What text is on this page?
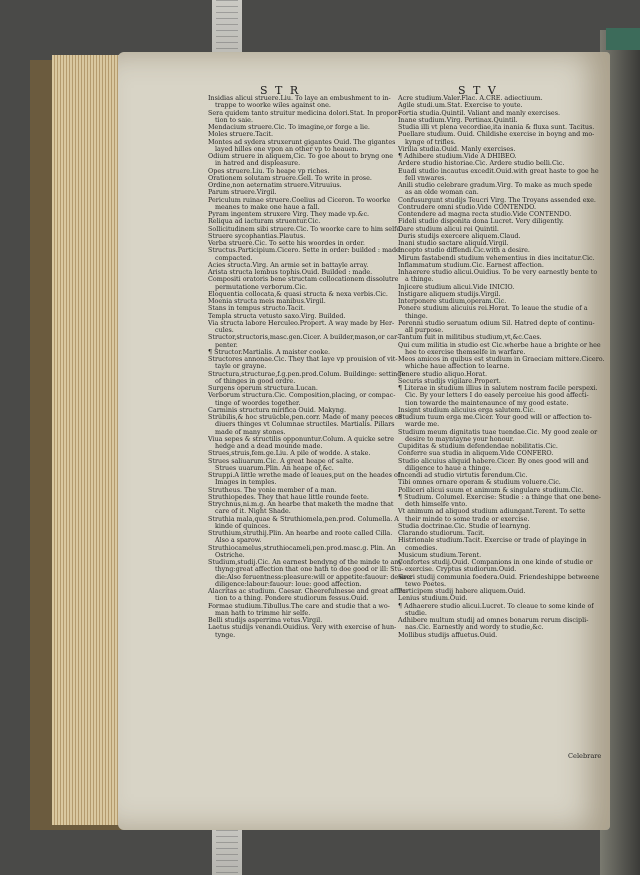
S T R	S T V
Insidias alicui struere.Liu. To laye an embushment to in-
trappe to woorke wiles against one.
Sera quidem tanto struitur medicina dolori.Stat. In propor-
tion to saie.
Mendacium struere.Cic. To imagine,or forge a lie.
Moles struere.Tacit.
Montes ad sydera struxerunt gigantes Ouid. The gigantes
layed hilles one vpon an other vp to heauen.
Odium struere in aliquem,Cic. To goe about to bryng one
in hatred and displeasure.
Opes struere.Liu. To heape vp riches.
Orationem solutam struere.Gell. To write in prose.
Ordine,non aeternatim struere.Vitruuius.
Parum struere.Virgil.
Periculum ruinae struere.Coelius ad Ciceron. To woorke
meanes to make one haue a fall.
Pyram ingentem struxere Virg. They made vp.&c.
Reliqua ad iacturam struentur.Cic.
Sollicitudinem sibi struere.Cic. To woorke care to him selfe.
Struere sycophantias.Plautus.
Verba struere.Cic. To sette his woordes in order.
Structus.Participium.Cicero. Sette in order: builded : made:
compacted.
Acies structa.Virg. An armie set in battayle array.
Arista structa lembus tophis.Ouid. Builded : made.
Compositi oratoris bene structam collocationem dissolutre
permutatione verborum.Cic.
Eloquentia collocata,& quasi structa & nexa verbis.Cic.
Moenia structa meis manibus.Virgil.
Stans in tempus structo.Tacit.
Templa structa vetusto saxo.Virg. Builded.
Via structa labore Herculeo.Propert. A way made by Her-
cules.
Structor,structoris,masc.gen.Cicer. A builder,mason,or car-
penter.
¶ Structor.Martialis. A maister cooke.
Structores annonae.Cic. They that laye vp prouision of vit-
tayle or grayne.
Structura,structurae,f.g.pen.prod.Colum. Buildinge: settinge
of thinges in good ordre.
Surgens operum structura.Lucan.
Verborum structura.Cic. Composition,placing, or compac-
tinge of woordes together.
Carminis structura mirifica Ouid. Makyng.
Strûbilis,& hoc struûcble,pen.corr. Made of many peeces or
diuers thinges vt Columnae structiles. Martialis. Pillars
made of many stones.
Viua sepes & structilis opponuntur.Colum. A quicke setre
hedge and a dead mounde made.
Strues,struis,fem.ge.Liu. A pile of wodde. A stake.
Strues saliuarum.Cic. A great heape of salte.
Strues uuarum.Plin. An heape of,&c.
Struppi.A little wrethe made of leaues,put on the heades of
Images in temples.
Strutheus. The yonie member of a man.
Struthiopedes. They that haue little rounde feete.
Strychnus,ni.m.g. An hearbe that maketh the madne that
care of it. Night Shade.
Struthia mala,quae & Struthiomela,pen.prod. Columella. A
kinde of quinces.
Struthium,struthij.Plin. An hearbe and roote called Cilla.
Also a sparow.
Struthiocamelus,struthiocameli,pen.prod.masc.g. Plin. An
Ostriche.
Studium,studij.Cic. An earnest bendyng of the minde to any
thyng:great affection that one hath to doe good or ill: Stu-
die:Also feruentness:pleasure:will or appetite:fauour: desire:
diligence:labour:fauour: loue: good affection.
Alacritas ac studium. Caesar. Cheerefulnesse and great affec-
tion to a thing. Pondere studiorum fessus.Ouid.
Formae studium.Tibullus.The care and studie that a wo-
man hath to trimme hir selfe.
Belli studijs asperrima vetus.Virgil.
Laetus studijs venandi.Ouidius. Very with exercise of hun-
tynge.
Acre studium.Valer.Flac. A.CRE. adiectiuum.
Agile studi.um.Stat. Exercise to youte.
Fortia studia.Quintil. Valiant and manly exercises.
Inane studium.Virg. Pertinax.Quintil.
Studia illi vt plena vecordiae,ita inania & fluxa sunt. Tacitus.
Puellare studium. Ouid. Childishe exercise in boyng and mo-
kynge of trifles.
Virilia studia.Ouid. Manly exercises.
¶ Adhibere studium.Vide A DHIBEO.
Ardere studio historiae.Cic. Ardere studio belli.Cic.
Euadi studio incautus excedit.Ouid.with great haste to goe he
fell vnwares.
Anili studio celebrare gradum.Virg. To make as much spede
as an olde woman can.
Confusurgunt studijs Teucri Virg. The Troyans assended exe.
Contrudere omni studio.Vide CONTENDO.
Contendere ad magna recta studio.Vide CONTENDO.
Fideli studio disponita dona Lucret. Very diligently.
Dare studium alicui rei Quintil.
Duris studijs exercere aliquem.Claud.
Inani studio sactare aliquid.Virgil.
Incepto studio diffendi.Cic.with a desire.
Mirum fastabendi studium vehementius in dies incitatur.Cic.
Inflammatum studium.Cic. Earnest affection.
Inhaerere studio alicui.Ouidius. To be very earnestly bente to
a thinge.
Injicere studium alicui.Vide INICIO.
Instigare aliquem studijs.Virgil.
Interponere studium,operam.Cic.
Ponere studium alicuius rei.Horat. To leaue the studie of a
thinge.
Perenni studio seruatum odium Sil. Hatred depte of continu-
all purpose.
Tantum fuit in militibus studium,vt,&c.Caes.
Qui cum militia in studio est Cic.wherbe haue a brighte or hee
hee to exercise themselfe in warfare.
Meos amicos in quibus est studium in Graeciam mittere.Cicero.
whiche haue affection to learne.
Tenere studio aliquo.Horat.
Securis studijs vigilare.Propert.
¶ Literae in studium illius in salutem nostram facile perspexi.
Cic. By your letters I do easely perceiue his good affecti-
tion towarde the maintenaunce of my good estate.
Insignt studium alicuius erga salutem.Cic.
Studium tuum erga me.Cicer. Your good will or affection to-
warde me.
Studium meum dignitatis tuae tuendae.Cic. My good zeale or
desire to mayntayne your honour.
Cupiditas & studium defendendae nobilitatis.Cic.
Conferre sua studia in aliquem.Vide CONFERO.
Studio alicuius aliquid habere.Cicer. By ones good will and
diligence to haue a thinge.
Incendi ad studio virtutis ferendum.Cic.
Tibi omnes ornare operam & studium voluere.Cic.
Polliceri alicui suum et animum & singulare studium.Cic.
¶ Studium. Columel. Exercise: Studie : a thinge that one bene-
deth himselfe vnto.
Vt animum ad aliquod studium adiungant.Terent. To sette
their minde to some trade or exercise.
Studia doctrinae.Cic. Studie of learnyng.
Clarando studiorum. Tacit.
Histrionale studium.Tacit. Exercise or trade of playinge in
comedies.
Musicum studium.Terent.
Confortes studij.Ouid. Companions in one kinde of studie or
exercise. Cryptus studiorum.Ouid.
Sacri studij communia foedera.Ouid. Friendeshippe betweene
tewo Poetes.
Participem studij habere aliquem.Ouid.
Lenius studium.Ouid.
¶ Adhaerere studio alicui.Lucret. To cleaue to some kinde of
studie.
Adhibere multum studij ad omnes bonarum rerum discipli-
nas.Cic. Earnestly and wordy to studie,&c.
Mollibus studijs affuetus.Ouid.
Celebrare
